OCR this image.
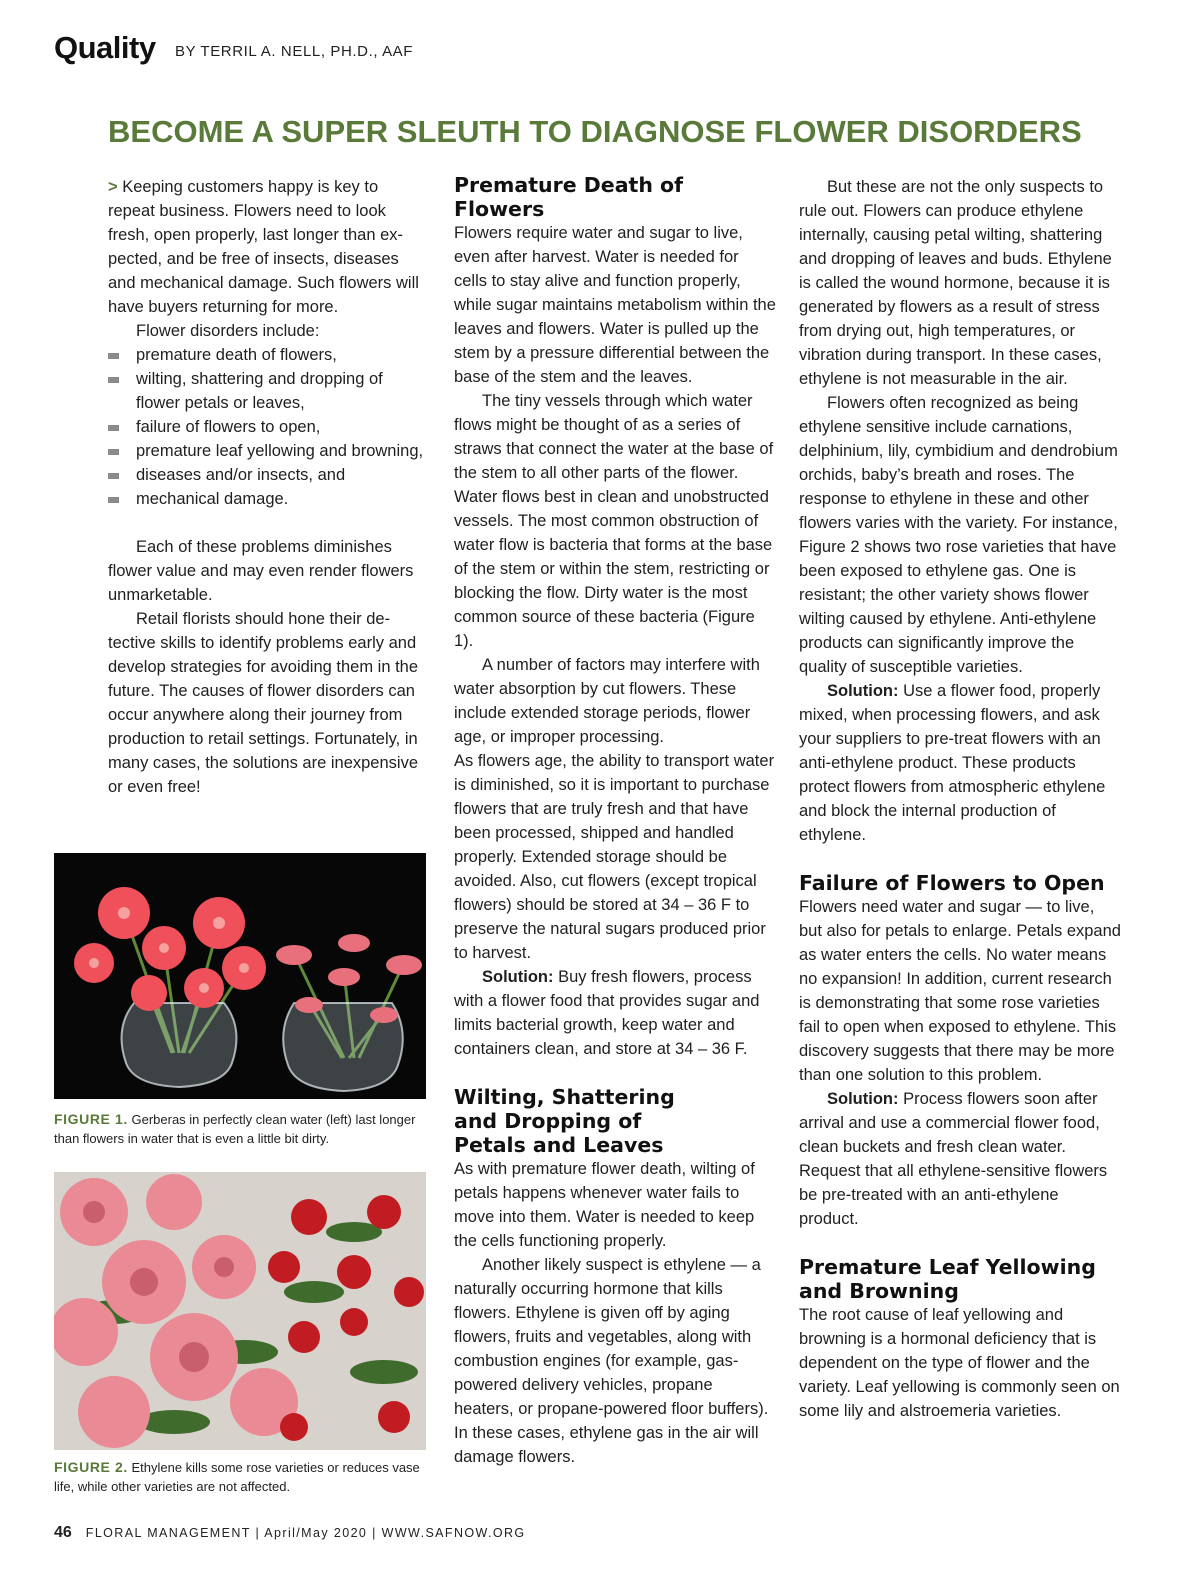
Quality BY TERRIL A. NELL, PH.D., AAF
BECOME A SUPER SLEUTH TO DIAGNOSE FLOWER DISORDERS

> Keeping customers happy is key to repeat business. Flowers need to look fresh, open properly, last longer than expected, and be free of insects, diseases and mechanical damage. Such flowers will have buyers returning for more.

Flower disorders include:

premature death of flowers,
wilting, shattering and dropping of flower petals or leaves,
failure of flowers to open,
premature leaf yellowing and browning,
diseases and/or insects, and
mechanical damage.

Each of these problems diminishes flower value and may even render flowers unmarketable.

Retail florists should hone their detective skills to identify problems early and develop strategies for avoiding them in the future. The causes of flower disorders can occur anywhere along their journey from production to retail settings. Fortunately, in many cases, the solutions are inexpensive or even free!

FIGURE 1. Gerberas in perfectly clean water (left) last longer than flowers in water that is even a little bit dirty.
FIGURE 2. Ethylene kills some rose varieties or reduces vase life, while other varieties are not affected.

Premature Death of Flowers

Flowers require water and sugar to live, even after harvest. Water is needed for cells to stay alive and function properly, while sugar maintains metabolism within the leaves and flowers. Water is pulled up the stem by a pressure differential between the base of the stem and the leaves.

The tiny vessels through which water flows might be thought of as a series of straws that connect the water at the base of the stem to all other parts of the flower. Water flows best in clean and unobstructed vessels. The most common obstruction of water flow is bacteria that forms at the base of the stem or within the stem, restricting or blocking the flow. Dirty water is the most common source of these bacteria (Figure 1).

A number of factors may interfere with water absorption by cut flowers. These include extended storage periods, flower age, or improper processing.

As flowers age, the ability to transport water is diminished, so it is important to purchase flowers that are truly fresh and that have been processed, shipped and handled properly. Extended storage should be avoided. Also, cut flowers (except tropical flowers) should be stored at 34 – 36 F to preserve the natural sugars produced prior to harvest.

Solution: Buy fresh flowers, process with a flower food that provides sugar and limits bacterial growth, keep water and containers clean, and store at 34 – 36 F.

Wilting, Shattering
and Dropping of
Petals and Leaves

As with premature flower death, wilting of petals happens whenever water fails to move into them. Water is needed to keep the cells functioning properly.

Another likely suspect is ethylene — a naturally occurring hormone that kills flowers. Ethylene is given off by aging flowers, fruits and vegetables, along with combustion engines (for example, gas-powered delivery vehicles, propane heaters, or propane-powered floor buffers). In these cases, ethylene gas in the air will damage flowers.

But these are not the only suspects to rule out. Flowers can produce ethylene internally, causing petal wilting, shattering and dropping of leaves and buds. Ethylene is called the wound hormone, because it is generated by flowers as a result of stress from drying out, high temperatures, or vibration during transport. In these cases, ethylene is not measurable in the air.

Flowers often recognized as being ethylene sensitive include carnations, delphinium, lily, cymbidium and dendrobium orchids, baby’s breath and roses. The response to ethylene in these and other flowers varies with the variety. For instance, Figure 2 shows two rose varieties that have been exposed to ethylene gas. One is resistant; the other variety shows flower wilting caused by ethylene. Anti-ethylene products can significantly improve the quality of susceptible varieties.

Solution: Use a flower food, properly mixed, when processing flowers, and ask your suppliers to pre-treat flowers with an anti-ethylene product. These products protect flowers from atmospheric ethylene and block the internal production of ethylene.

Failure of Flowers to Open

Flowers need water and sugar — to live, but also for petals to enlarge. Petals expand as water enters the cells. No water means no expansion! In addition, current research is demonstrating that some rose varieties fail to open when exposed to ethylene. This discovery suggests that there may be more than one solution to this problem.

Solution: Process flowers soon after arrival and use a commercial flower food, clean buckets and fresh clean water. Request that all ethylene-sensitive flowers be pre-treated with an anti-ethylene product.

Premature Leaf Yellowing
and Browning

The root cause of leaf yellowing and browning is a hormonal deficiency that is dependent on the type of flower and the variety. Leaf yellowing is commonly seen on some lily and alstroemeria varieties.

46 FLORAL MANAGEMENT | April/May 2020 | WWW.SAFNOW.ORG
